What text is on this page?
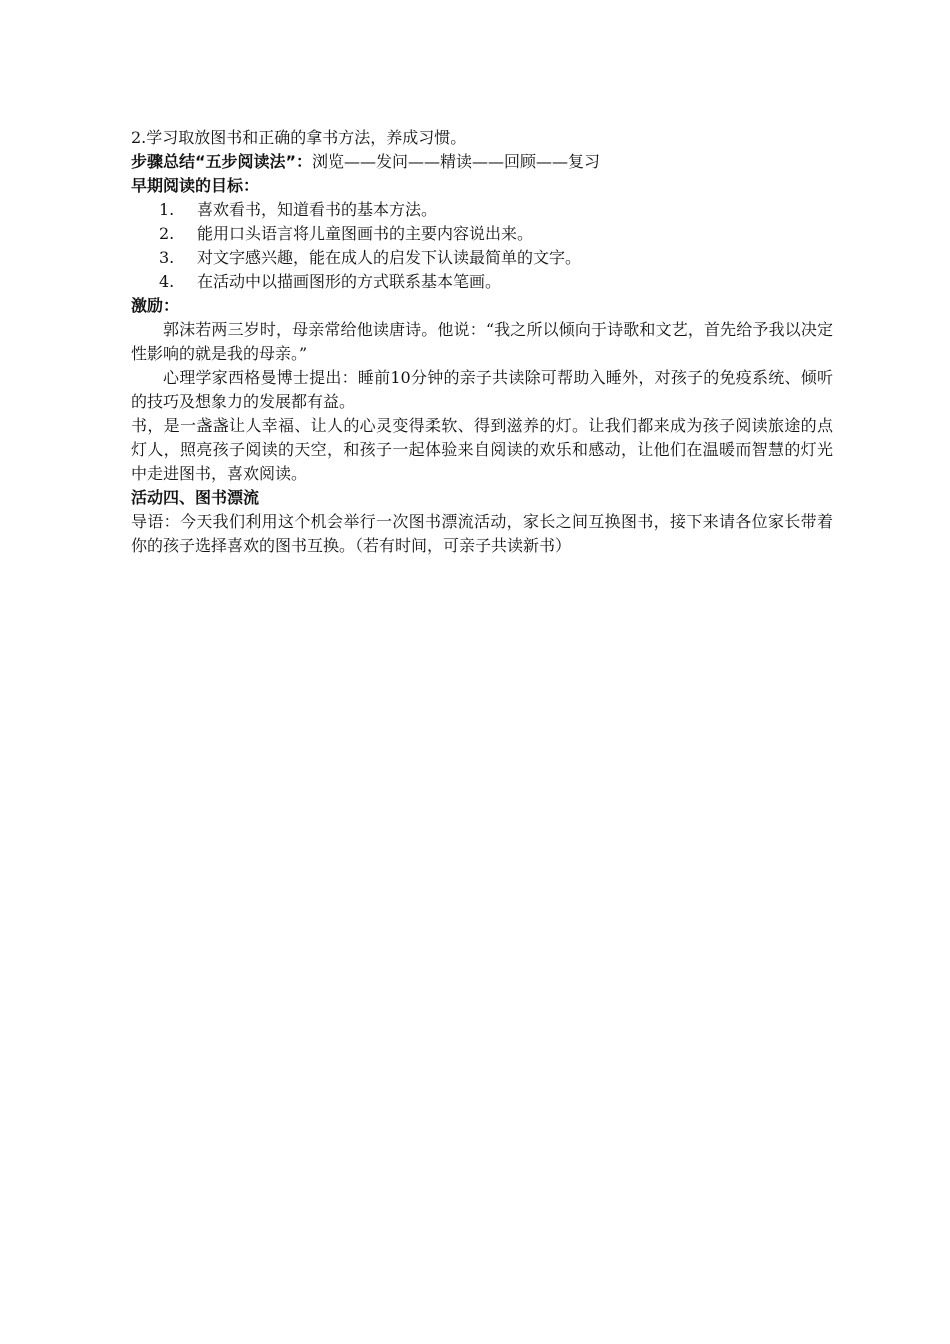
2.学习取放图书和正确的拿书方法，养成习惯。

步骤总结“五步阅读法”：浏览——发问——精读——回顾——复习

早期阅读的目标：

1.	喜欢看书，知道看书的基本方法。
2.	能用口头语言将儿童图画书的主要内容说出来。
3.	对文字感兴趣，能在成人的启发下认读最简单的文字。
4.	在活动中以描画图形的方式联系基本笔画。

激励：

郭沫若两三岁时，母亲常给他读唐诗。他说：“我之所以倾向于诗歌和文艺，首先给予我以决定性影响的就是我的母亲。”

心理学家西格曼博士提出：睡前10分钟的亲子共读除可帮助入睡外，对孩子的免疫系统、倾听的技巧及想象力的发展都有益。

书，是一盏盏让人幸福、让人的心灵变得柔软、得到滋养的灯。让我们都来成为孩子阅读旅途的点灯人，照亮孩子阅读的天空，和孩子一起体验来自阅读的欢乐和感动，让他们在温暖而智慧的灯光中走进图书，喜欢阅读。

活动四、图书漂流

导语：今天我们利用这个机会举行一次图书漂流活动，家长之间互换图书，接下来请各位家长带着你的孩子选择喜欢的图书互换。（若有时间，可亲子共读新书）
